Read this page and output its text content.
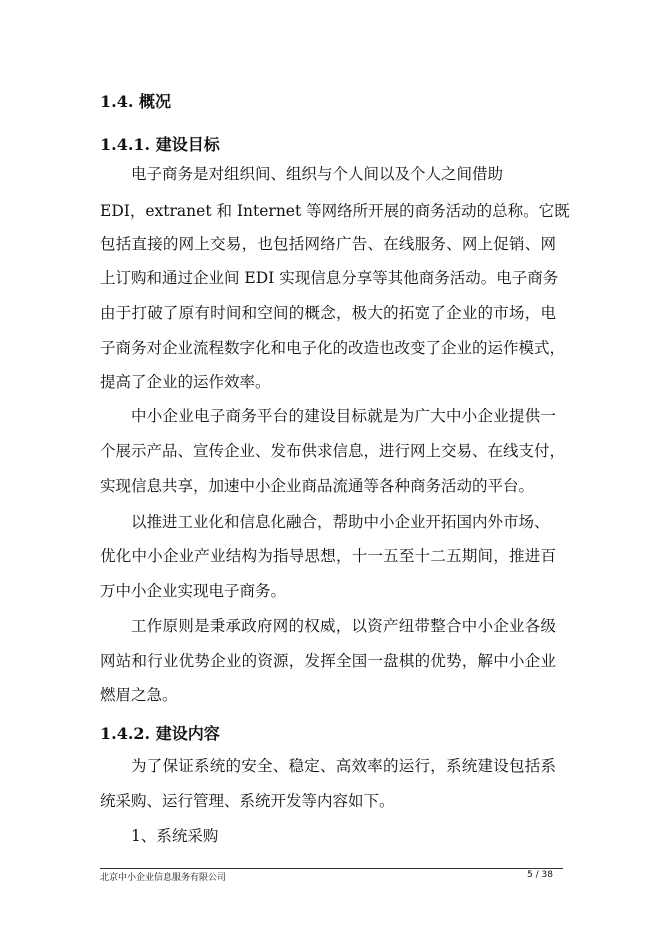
1.4. 概况
1.4.1. 建设目标
电子商务是对组织间、组织与个人间以及个人之间借助
EDI，extranet 和 Internet 等网络所开展的商务活动的总称。它既
包括直接的网上交易，也包括网络广告、在线服务、网上促销、网
上订购和通过企业间 EDI 实现信息分享等其他商务活动。电子商务
由于打破了原有时间和空间的概念，极大的拓宽了企业的市场，电
子商务对企业流程数字化和电子化的改造也改变了企业的运作模式，
提高了企业的运作效率。
中小企业电子商务平台的建设目标就是为广大中小企业提供一
个展示产品、宣传企业、发布供求信息，进行网上交易、在线支付，
实现信息共享，加速中小企业商品流通等各种商务活动的平台。
以推进工业化和信息化融合，帮助中小企业开拓国内外市场、
优化中小企业产业结构为指导思想，十一五至十二五期间，推进百
万中小企业实现电子商务。
工作原则是秉承政府网的权威，以资产纽带整合中小企业各级
网站和行业优势企业的资源，发挥全国一盘棋的优势，解中小企业
燃眉之急。
1.4.2. 建设内容
为了保证系统的安全、稳定、高效率的运行，系统建设包括系
统采购、运行管理、系统开发等内容如下。
1、系统采购
北京中小企业信息服务有限公司	5 / 38
